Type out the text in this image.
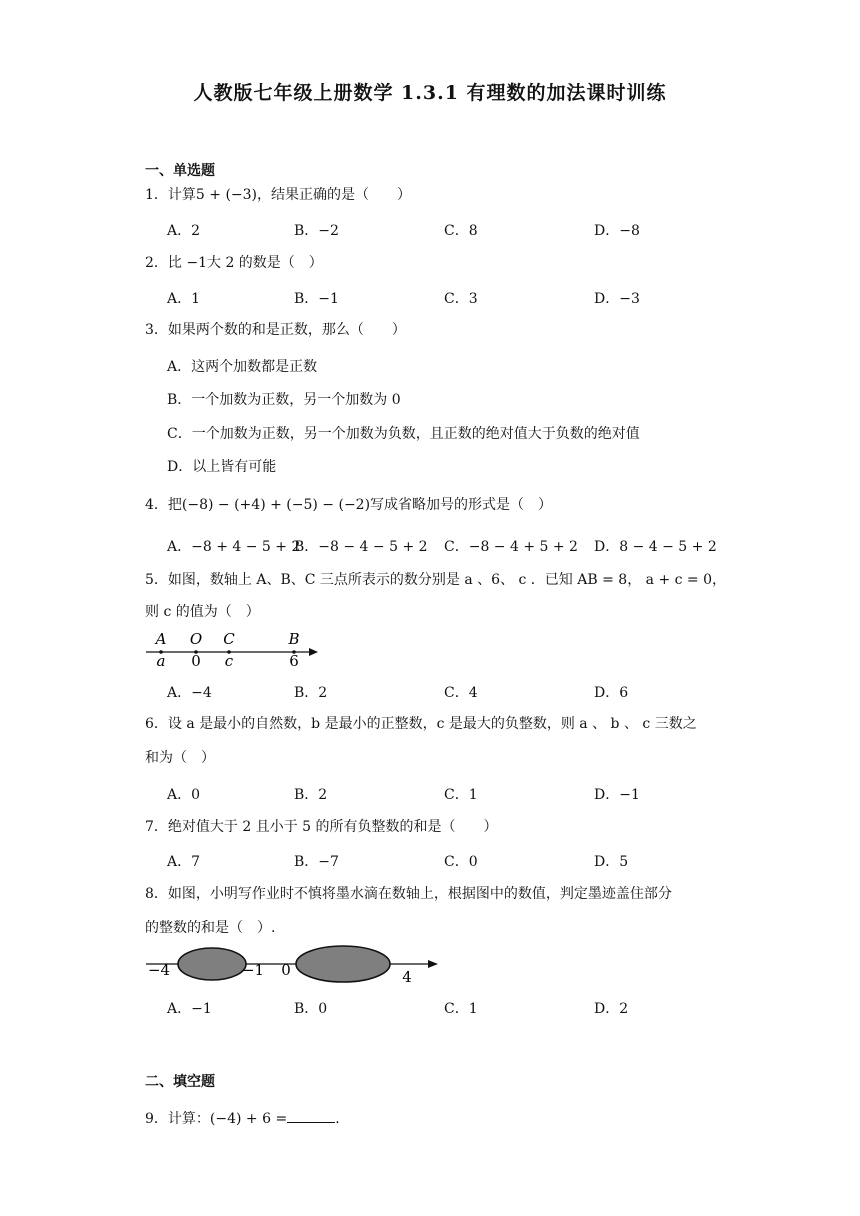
人教版七年级上册数学 1.3.1 有理数的加法课时训练
一、单选题
1．计算5 + (−3)，结果正确的是（　　）
A．2	B．−2	C．8	D．−8
2．比 −1大 2 的数是（　）
A．1	B．−1	C．3	D．−3
3．如果两个数的和是正数，那么（　　）
A．这两个加数都是正数
B．一个加数为正数，另一个加数为 0
C．一个加数为正数，另一个加数为负数，且正数的绝对值大于负数的绝对值
D．以上皆有可能
4．把(−8) − (+4) + (−5) − (−2)写成省略加号的形式是（　）
A．−8 + 4 − 5 + 2
B．−8 − 4 − 5 + 2 C．−8 − 4 + 5 + 2 D．8 − 4 − 5 + 2
5．如图，数轴上 A、B、C 三点所表示的数分别是 a 、6、 c ．已知 AB = 8， a + c = 0，
则 c 的值为（　）
A O C	B
a 0 c	6
A．−4	B．2	C．4	D．6
6．设 a 是最小的自然数，b 是最小的正整数，c 是最大的负整数，则 a 、 b 、 c 三数之
和为（　）
A．0	B．2	C．1	D．−1
7．绝对值大于 2 且小于 5 的所有负整数的和是（　　）
A．7	B．−7	C．0	D．5
8．如图，小明写作业时不慎将墨水滴在数轴上，根据图中的数值，判定墨迹盖住部分
的整数的和是（　）.
−4	−1 0	4
A．−1	B．0	C．1	D．2
二、填空题
9．计算：(−4) + 6 =	.
